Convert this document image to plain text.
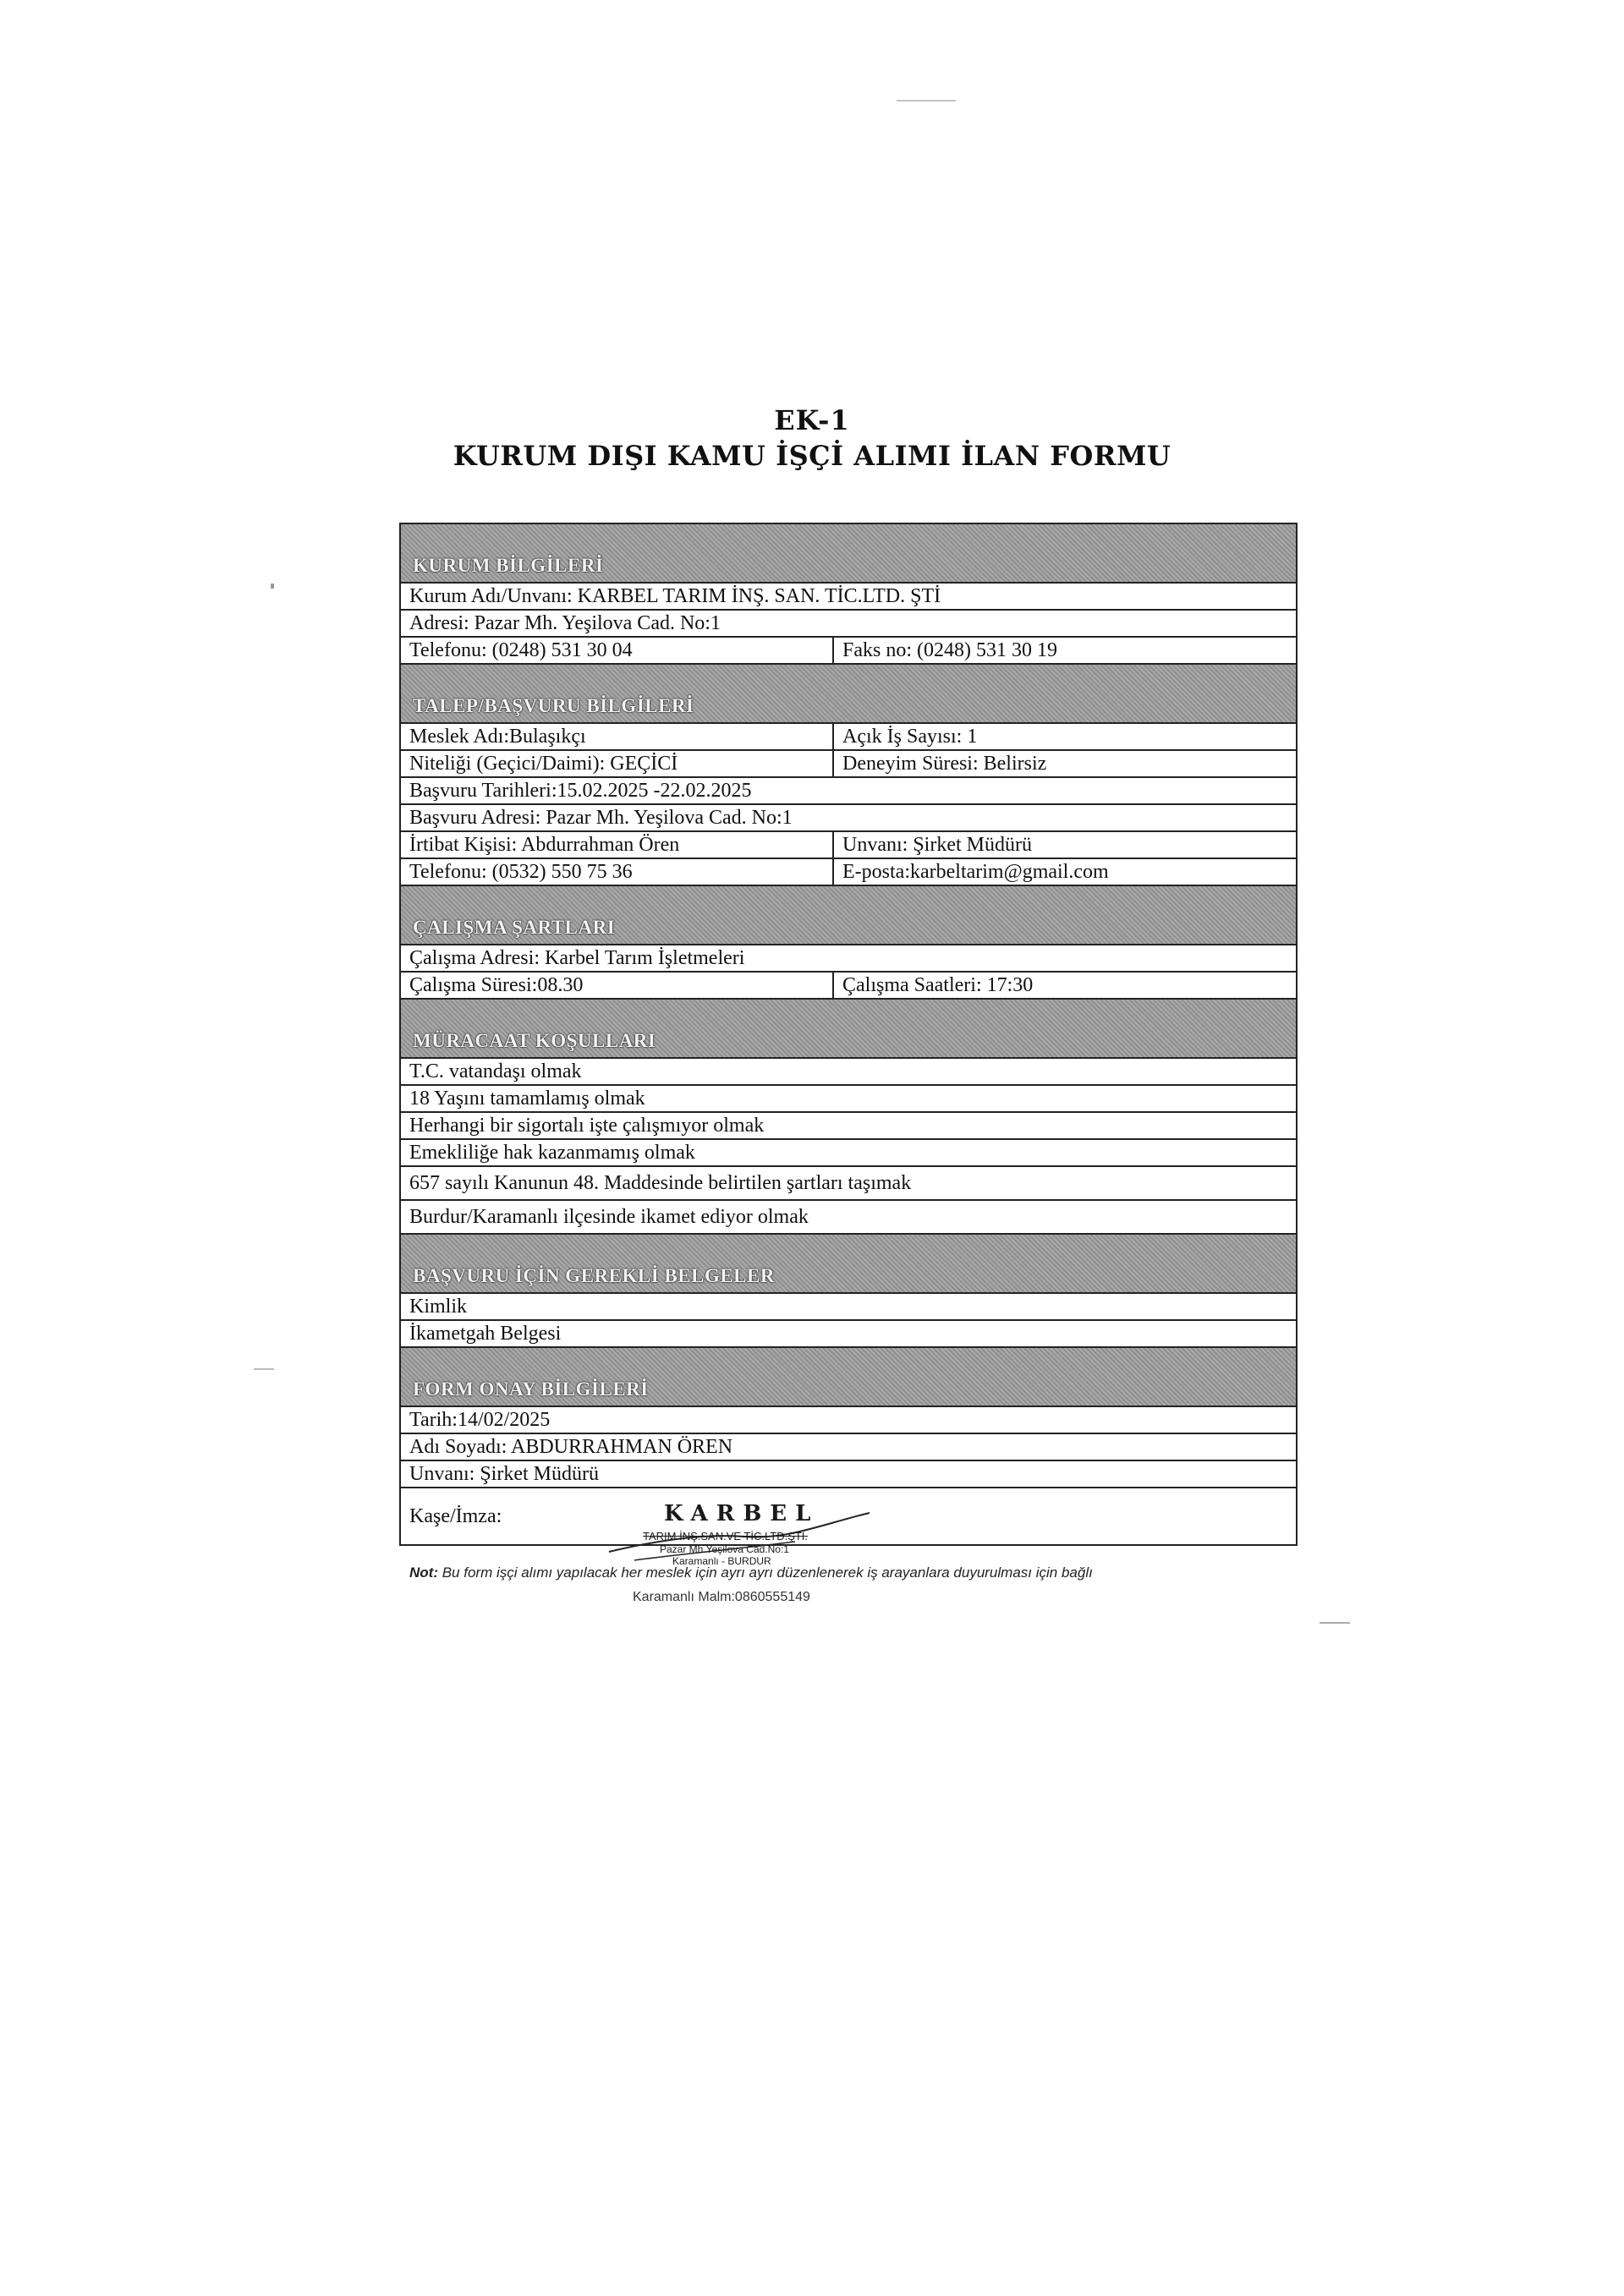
EK-1
KURUM DIŞI KAMU İŞÇİ ALIMI İLAN FORMU
KURUM BİLGİLERİ
Kurum Adı/Unvanı: KARBEL TARIM İNŞ. SAN. TİC.LTD. ŞTİ
Adresi: Pazar Mh. Yeşilova Cad. No:1
Telefonu: (0248) 531 30 04	Faks no: (0248) 531 30 19
TALEP/BAŞVURU BİLGİLERİ
Meslek Adı:Bulaşıkçı	Açık İş Sayısı: 1
Niteliği (Geçici/Daimi): GEÇİCİ	Deneyim Süresi: Belirsiz
Başvuru Tarihleri:15.02.2025 -22.02.2025
Başvuru Adresi: Pazar Mh. Yeşilova Cad. No:1
İrtibat Kişisi: Abdurrahman Ören	Unvanı: Şirket Müdürü
Telefonu: (0532) 550 75 36	E-posta:karbeltarim@gmail.com
ÇALIŞMA ŞARTLARI
Çalışma Adresi: Karbel Tarım İşletmeleri
Çalışma Süresi:08.30	Çalışma Saatleri: 17:30
MÜRACAAT KOŞULLARI
T.C. vatandaşı olmak
18 Yaşını tamamlamış olmak
Herhangi bir sigortalı işte çalışmıyor olmak
Emekliliğe hak kazanmamış olmak
657 sayılı Kanunun 48. Maddesinde belirtilen şartları taşımak
Burdur/Karamanlı ilçesinde ikamet ediyor olmak
BAŞVURU İÇİN GEREKLİ BELGELER
Kimlik
İkametgah Belgesi
FORM ONAY BİLGİLERİ
Tarih:14/02/2025
Adı Soyadı: ABDURRAHMAN ÖREN
Unvanı: Şirket Müdürü
Kaşe/İmza:	KARBEL
TARIM İNŞ.SAN.VE TİC.LTD.ŞTİ.
Pazar Mh.Yeşilova Cad.No:1
Karamanlı - BURDUR
Not: Bu form işçi alımı yapılacak her meslek için ayrı ayrı düzenlenerek iş arayanlara duyurulması için bağlı
Karamanlı Malm:0860555149
